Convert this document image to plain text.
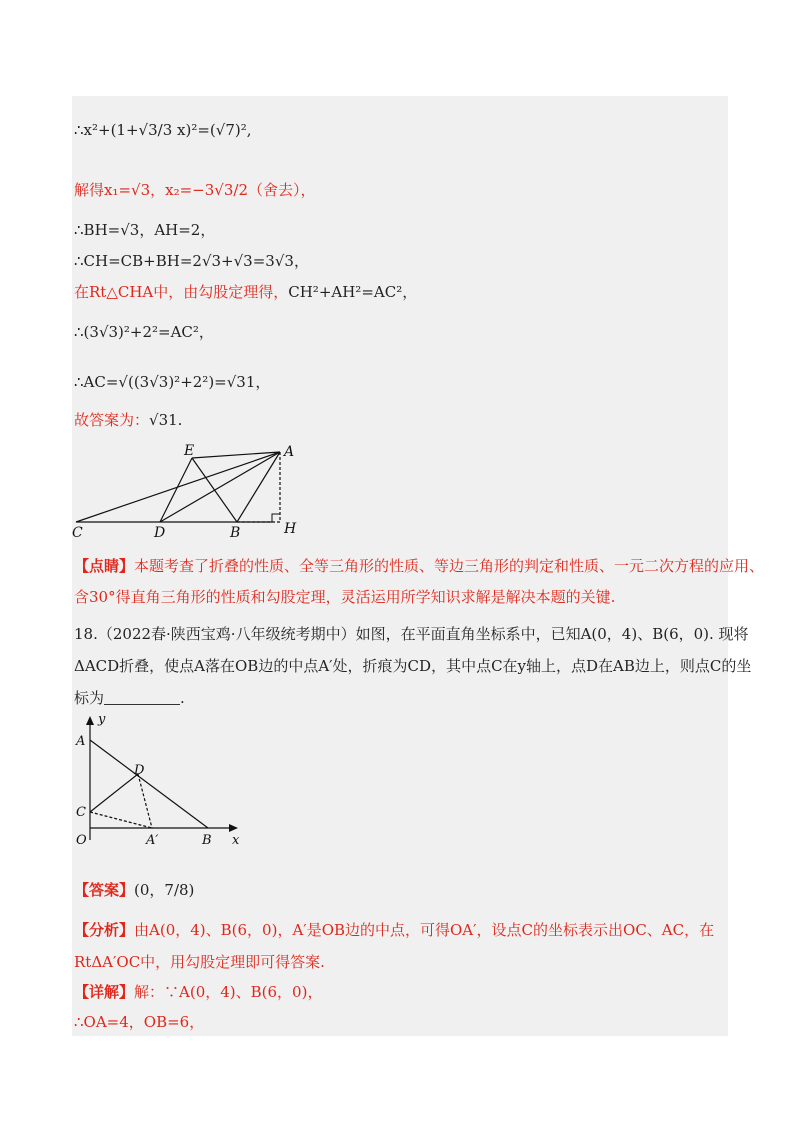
∴x²+(1+√3/3 x)²=(√7)²,
解得x₁=√3，x₂=−3√3/2（舍去），
∴BH=√3，AH=2，
∴CH=CB+BH=2√3+√3=3√3，
在Rt△CHA中，由勾股定理得，CH²+AH²=AC²，
∴(3√3)²+2²=AC²，
∴AC=√((3√3)²+2²)=√31，
故答案为：√31.
E	A
C	D	B	H
【点睛】本题考查了折叠的性质、全等三角形的性质、等边三角形的判定和性质、一元二次方程的应用、
含30°得直角三角形的性质和勾股定理，灵活运用所学知识求解是解决本题的关键.
18.（2022春·陕西宝鸡·八年级统考期中）如图，在平面直角坐标系中，已知A(0，4)、B(6，0). 现将
ΔACD折叠，使点A落在OB边的中点A′处，折痕为CD，其中点C在y轴上，点D在AB边上，则点C的坐
标为	.
y
x
A
D
C
O	A′	B
【答案】(0，7/8)
【分析】由A(0，4)、B(6，0)，A′是OB边的中点，可得OA′，设点C的坐标表示出OC、AC，在
RtΔA′OC中，用勾股定理即可得答案.
【详解】解：∵A(0，4)、B(6，0)，
∴OA=4，OB=6，
